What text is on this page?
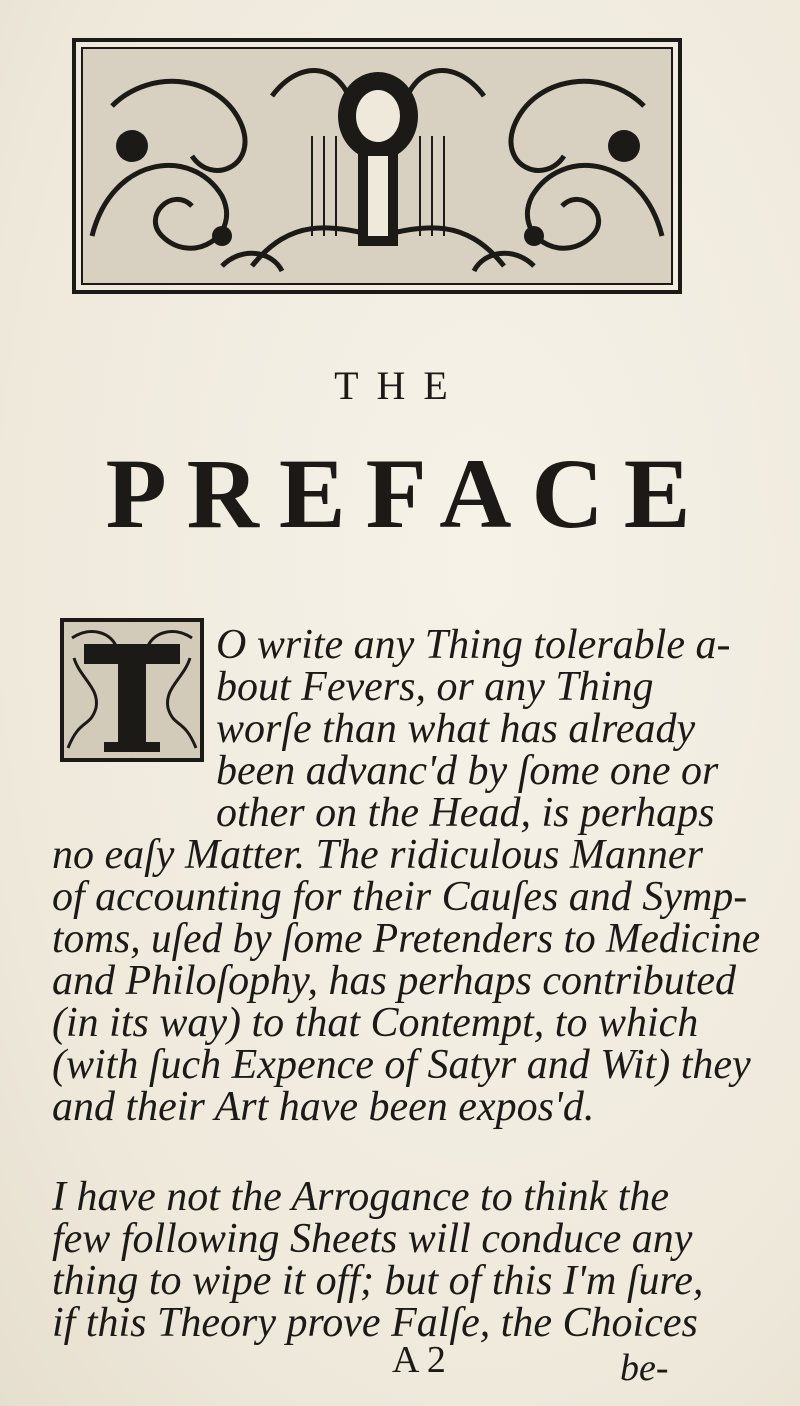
THE
PREFACE
T
O write any Thing tolerable a-
bout Fevers, or any Thing
worſe than what has already
been advanc'd by ſome one or
other on the Head, is perhaps
no eaſy Matter. The ridiculous Manner
of accounting for their Cauſes and Symp-
toms, uſed by ſome Pretenders to Medicine
and Philoſophy, has perhaps contributed
(in its way) to that Contempt, to which
(with ſuch Expence of Satyr and Wit) they
and their Art have been expos'd.
I have not the Arrogance to think the
few following Sheets will conduce any
thing to wipe it off; but of this I'm ſure,
if this Theory prove Falſe, the Choices
A 2	be-
